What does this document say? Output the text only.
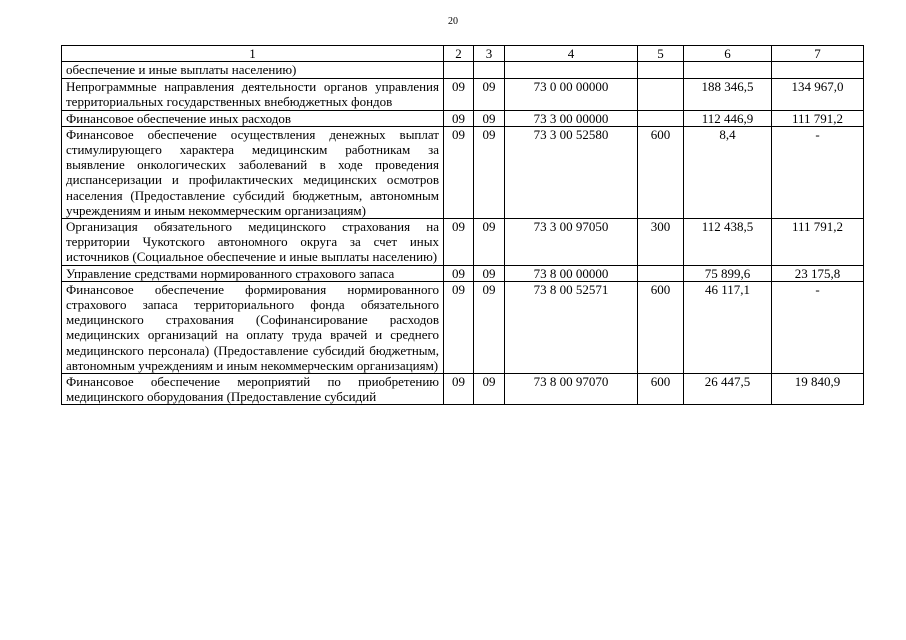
20
1	2	3	4	5	6	7
обеспечение и иные выплаты населению)						
Непрограммные направления деятельности органов управления территориальных государственных внебюджетных фондов	09	09	73 0 00 00000		188 346,5	134 967,0
Финансовое обеспечение иных расходов	09	09	73 3 00 00000		112 446,9	111 791,2
Финансовое обеспечение осуществления денежных выплат стимулирующего характера медицинским работникам за выявление онкологических заболеваний в ходе проведения диспансеризации и профилактических медицинских осмотров населения (Предоставление субсидий бюджетным, автономным учреждениям и иным некоммерческим организациям)	09	09	73 3 00 52580	600	8,4	-
Организация обязательного медицинского страхования на территории Чукотского автономного округа за счет иных источников (Социальное обеспечение и иные выплаты населению)	09	09	73 3 00 97050	300	112 438,5	111 791,2
Управление средствами нормированного страхового запаса	09	09	73 8 00 00000		75 899,6	23 175,8
Финансовое обеспечение формирования нормированного страхового запаса территориального фонда обязательного медицинского страхования (Софинансирование расходов медицинских организаций на оплату труда врачей и среднего медицинского персонала) (Предоставление субсидий бюджетным, автономным учреждениям и иным некоммерческим организациям)	09	09	73 8 00 52571	600	46 117,1	-
Финансовое обеспечение мероприятий по приобретению медицинского оборудования (Предоставление субсидий	09	09	73 8 00 97070	600	26 447,5	19 840,9
